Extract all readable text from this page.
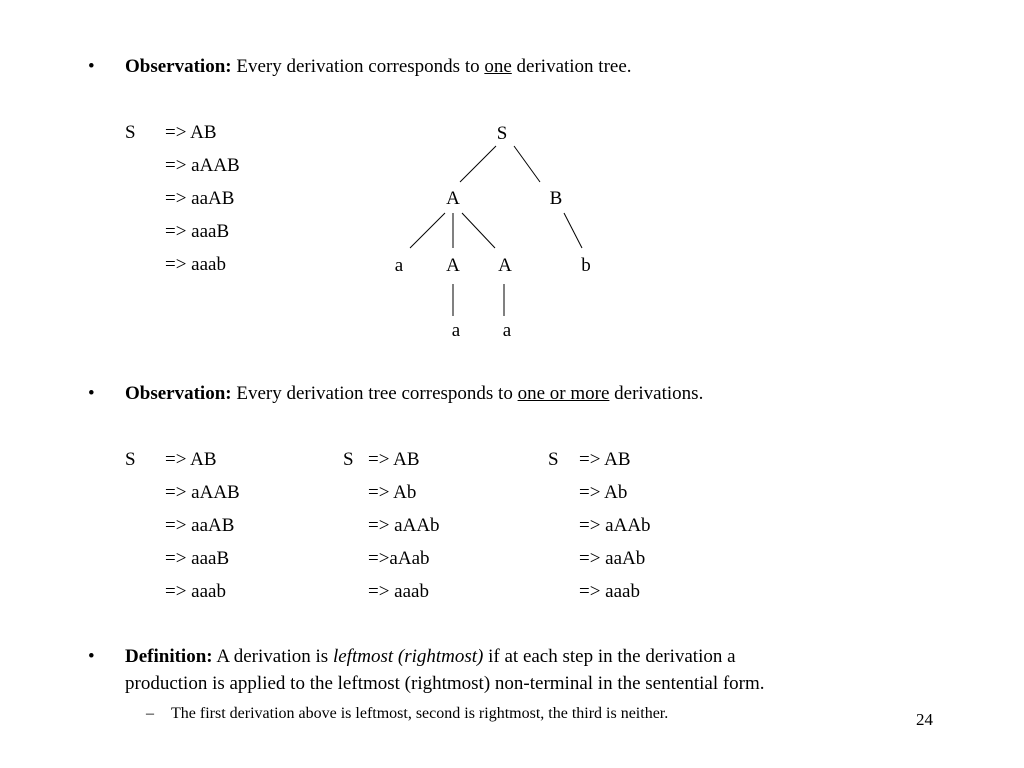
• Observation: Every derivation corresponds to one derivation tree.
S => AB
=> aAAB
=> aaAB
=> aaaB
=> aaab
S
A	B
a A A	b
a a
• Observation: Every derivation tree corresponds to one or more derivations.
S => AB
=> aAAB
=> aaAB
=> aaaB
=> aaab
S => AB
=> Ab
=> aAAb
=>aAab
=> aaab
S => AB
=> Ab
=> aAAb
=> aaAb
=> aaab
• Definition: A derivation is leftmost (rightmost) if at each step in the derivation a
production is applied to the leftmost (rightmost) non-terminal in the sentential form.
– The first derivation above is leftmost, second is rightmost, the third is neither.	24
